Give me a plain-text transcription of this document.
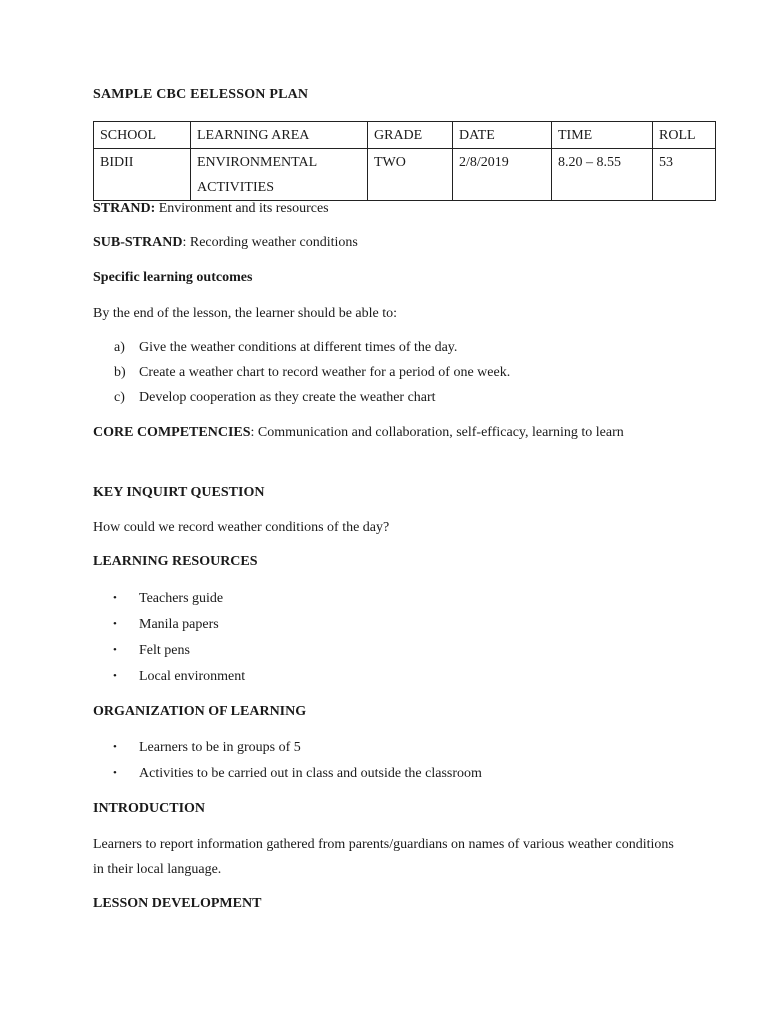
SAMPLE CBC EELESSON PLAN
SCHOOL	LEARNING AREA	GRADE	DATE	TIME	ROLL
BIDII	ENVIRONMENTAL ACTIVITIES	TWO	2/8/2019	8.20 – 8.55	53
STRAND: Environment and its resources
SUB-STRAND: Recording weather conditions
Specific learning outcomes
By the end of the lesson, the learner should be able to:
a) Give the weather conditions at different times of the day.
b) Create a weather chart to record weather for a period of one week.
c) Develop cooperation as they create the weather chart
CORE COMPETENCIES: Communication and collaboration, self-efficacy, learning to learn
KEY INQUIRT QUESTION
How could we record weather conditions of the day?
LEARNING RESOURCES
• Teachers guide
• Manila papers
• Felt pens
• Local environment
ORGANIZATION OF LEARNING
• Learners to be in groups of 5
• Activities to be carried out in class and outside the classroom
INTRODUCTION
Learners to report information gathered from parents/guardians on names of various weather conditions in their local language.
LESSON DEVELOPMENT
